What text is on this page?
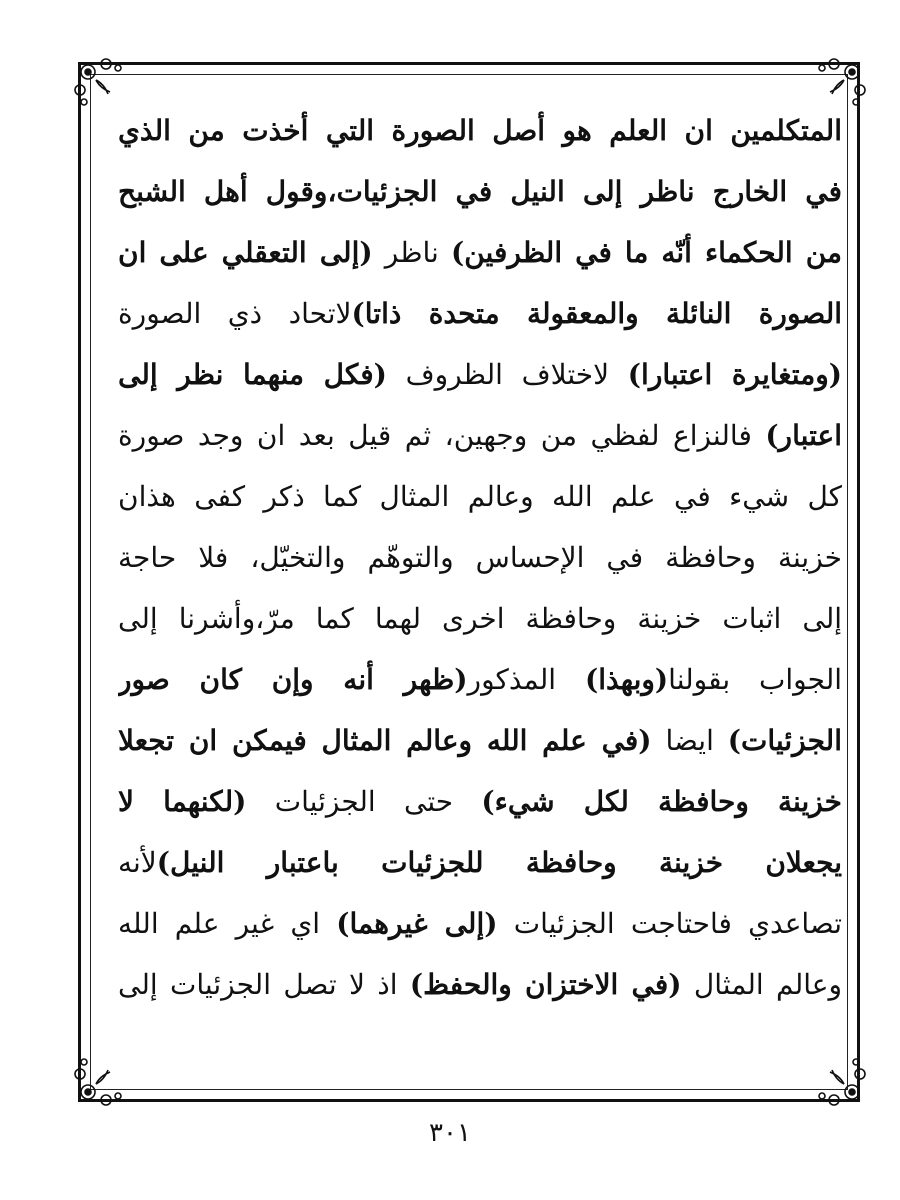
المتكلمين ان العلم هو أصل الصورة التي أخذت من الذي
في الخارج ناظر إلى النيل في الجزئيات،وقول أهل الشبح
من الحكماء أنّه ما في الظرفين) ناظر (إلى التعقلي على ان
الصورة النائلة والمعقولة متحدة ذاتا)لاتحاد ذي الصورة
(ومتغايرة اعتبارا) لاختلاف الظروف (فكل منهما نظر إلى
اعتبار) فالنزاع لفظي من وجهين، ثم قيل بعد ان وجد صورة
كل شيء في علم الله وعالم المثال كما ذكر كفى هذان
خزينة وحافظة في الإحساس والتوهّم والتخيّل، فلا حاجة
إلى اثبات خزينة وحافظة اخرى لهما كما مرّ،وأشرنا إلى
الجواب بقولنا(وبهذا) المذكور(ظهر أنه وإن كان صور
الجزئيات) ايضا (في علم الله وعالم المثال فيمكن ان تجعلا
خزينة وحافظة لكل شيء) حتى الجزئيات (لكنهما لا
يجعلان خزينة وحافظة للجزئيات باعتبار النيل)لأنه
تصاعدي فاحتاجت الجزئيات (إلى غيرهما) اي غير علم الله
وعالم المثال (في الاختزان والحفظ) اذ لا تصل الجزئيات إلى
٣٠١
